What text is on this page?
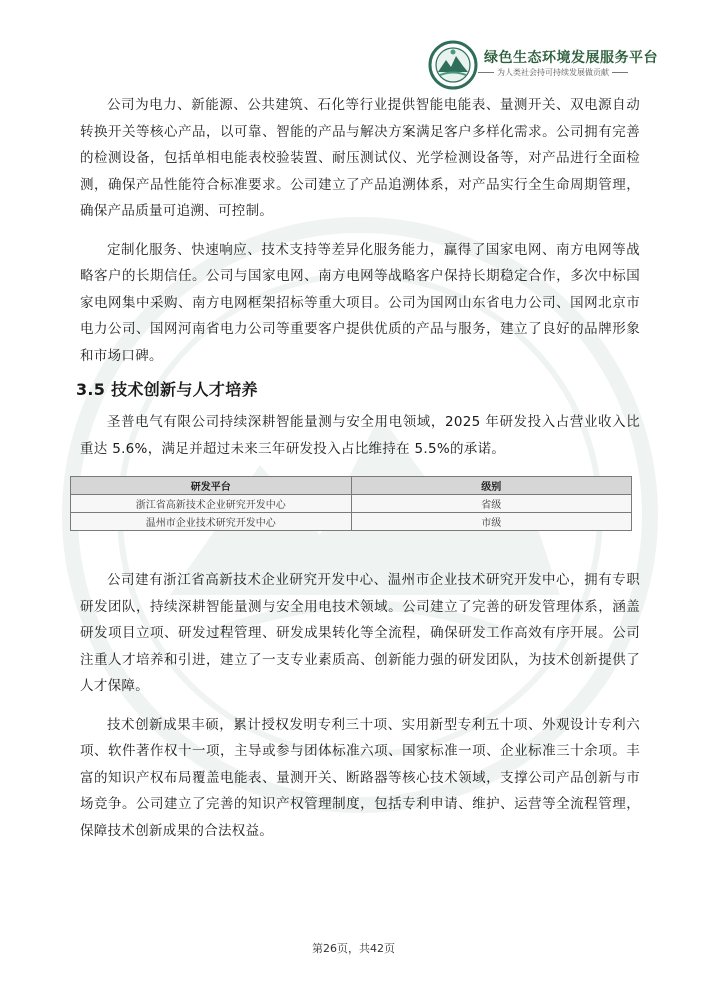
绿色生态环境发展服务平台
为人类社会持可持续发展做贡献

公司为电力、新能源、公共建筑、石化等行业提供智能电能表、量测开关、双电源自动转换开关等核心产品，以可靠、智能的产品与解决方案满足客户多样化需求。公司拥有完善的检测设备，包括单相电能表校验装置、耐压测试仪、光学检测设备等，对产品进行全面检测，确保产品性能符合标准要求。公司建立了产品追溯体系，对产品实行全生命周期管理，确保产品质量可追溯、可控制。

定制化服务、快速响应、技术支持等差异化服务能力，赢得了国家电网、南方电网等战略客户的长期信任。公司与国家电网、南方电网等战略客户保持长期稳定合作，多次中标国家电网集中采购、南方电网框架招标等重大项目。公司为国网山东省电力公司、国网北京市电力公司、国网河南省电力公司等重要客户提供优质的产品与服务，建立了良好的品牌形象和市场口碑。

3.5 技术创新与人才培养

圣普电气有限公司持续深耕智能量测与安全用电领域，2025 年研发投入占营业收入比重达 5.6%，满足并超过未来三年研发投入占比维持在 5.5%的承诺。

研发平台	级别
浙江省高新技术企业研究开发中心	省级
温州市企业技术研究开发中心	市级

公司建有浙江省高新技术企业研究开发中心、温州市企业技术研究开发中心，拥有专职研发团队，持续深耕智能量测与安全用电技术领域。公司建立了完善的研发管理体系，涵盖研发项目立项、研发过程管理、研发成果转化等全流程，确保研发工作高效有序开展。公司注重人才培养和引进，建立了一支专业素质高、创新能力强的研发团队，为技术创新提供了人才保障。

技术创新成果丰硕，累计授权发明专利三十项、实用新型专利五十项、外观设计专利六项、软件著作权十一项，主导或参与团体标准六项、国家标准一项、企业标准三十余项。丰富的知识产权布局覆盖电能表、量测开关、断路器等核心技术领域，支撑公司产品创新与市场竞争。公司建立了完善的知识产权管理制度，包括专利申请、维护、运营等全流程管理，保障技术创新成果的合法权益。

第26页，共42页
